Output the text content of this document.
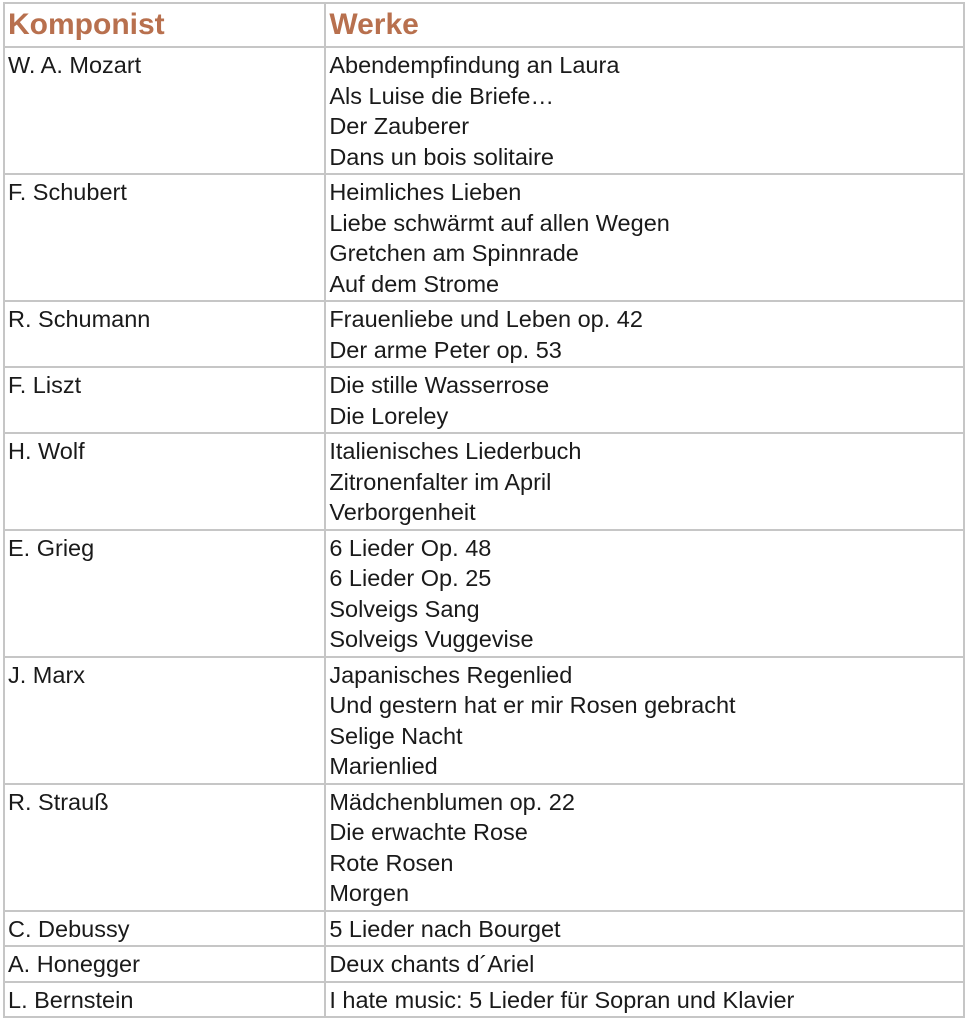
Komponist	Werke
W. A. Mozart	Abendempfindung an Laura
Als Luise die Briefe…
Der Zauberer
Dans un bois solitaire

F. Schubert	Heimliches Lieben
Liebe schwärmt auf allen Wegen
Gretchen am Spinnrade
Auf dem Strome

R. Schumann	Frauenliebe und Leben op. 42
Der arme Peter op. 53

F. Liszt	Die stille Wasserrose
Die Loreley

H. Wolf	Italienisches Liederbuch
Zitronenfalter im April
Verborgenheit

E. Grieg	6 Lieder Op. 48
6 Lieder Op. 25
Solveigs Sang
Solveigs Vuggevise

J. Marx	Japanisches Regenlied
Und gestern hat er mir Rosen gebracht
Selige Nacht
Marienlied

R. Strauß	Mädchenblumen op. 22
Die erwachte Rose
Rote Rosen
Morgen

C. Debussy	5 Lieder nach Bourget

A. Honegger	Deux chants d´Ariel

L. Bernstein	I hate music: 5 Lieder für Sopran und Klavier
